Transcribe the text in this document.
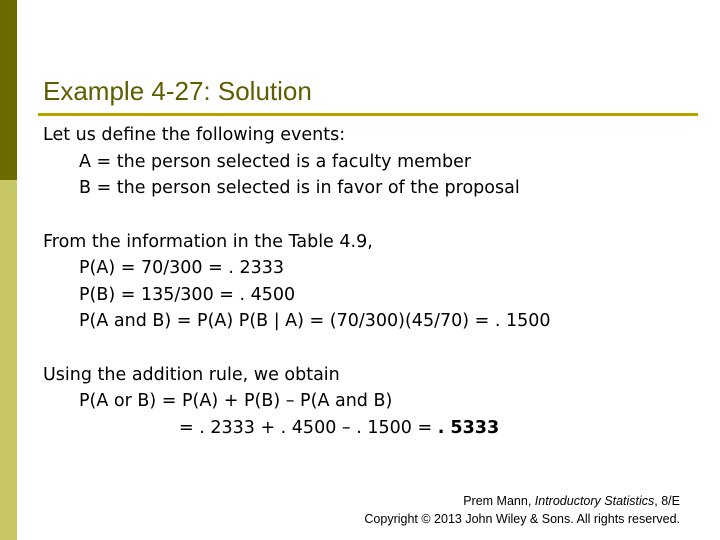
Example 4-27: Solution
Let us define the following events:
A = the person selected is a faculty member
B = the person selected is in favor of the proposal
From the information in the Table 4.9,
P(A) = 70/300 = . 2333
P(B) = 135/300 = . 4500
P(A and B) = P(A) P(B | A) = (70/300)(45/70) = . 1500
Using the addition rule, we obtain
P(A or B) = P(A) + P(B) – P(A and B)
= . 2333 + . 4500 – . 1500 = . 5333
Prem Mann, Introductory Statistics, 8/E
Copyright © 2013 John Wiley & Sons. All rights reserved.
